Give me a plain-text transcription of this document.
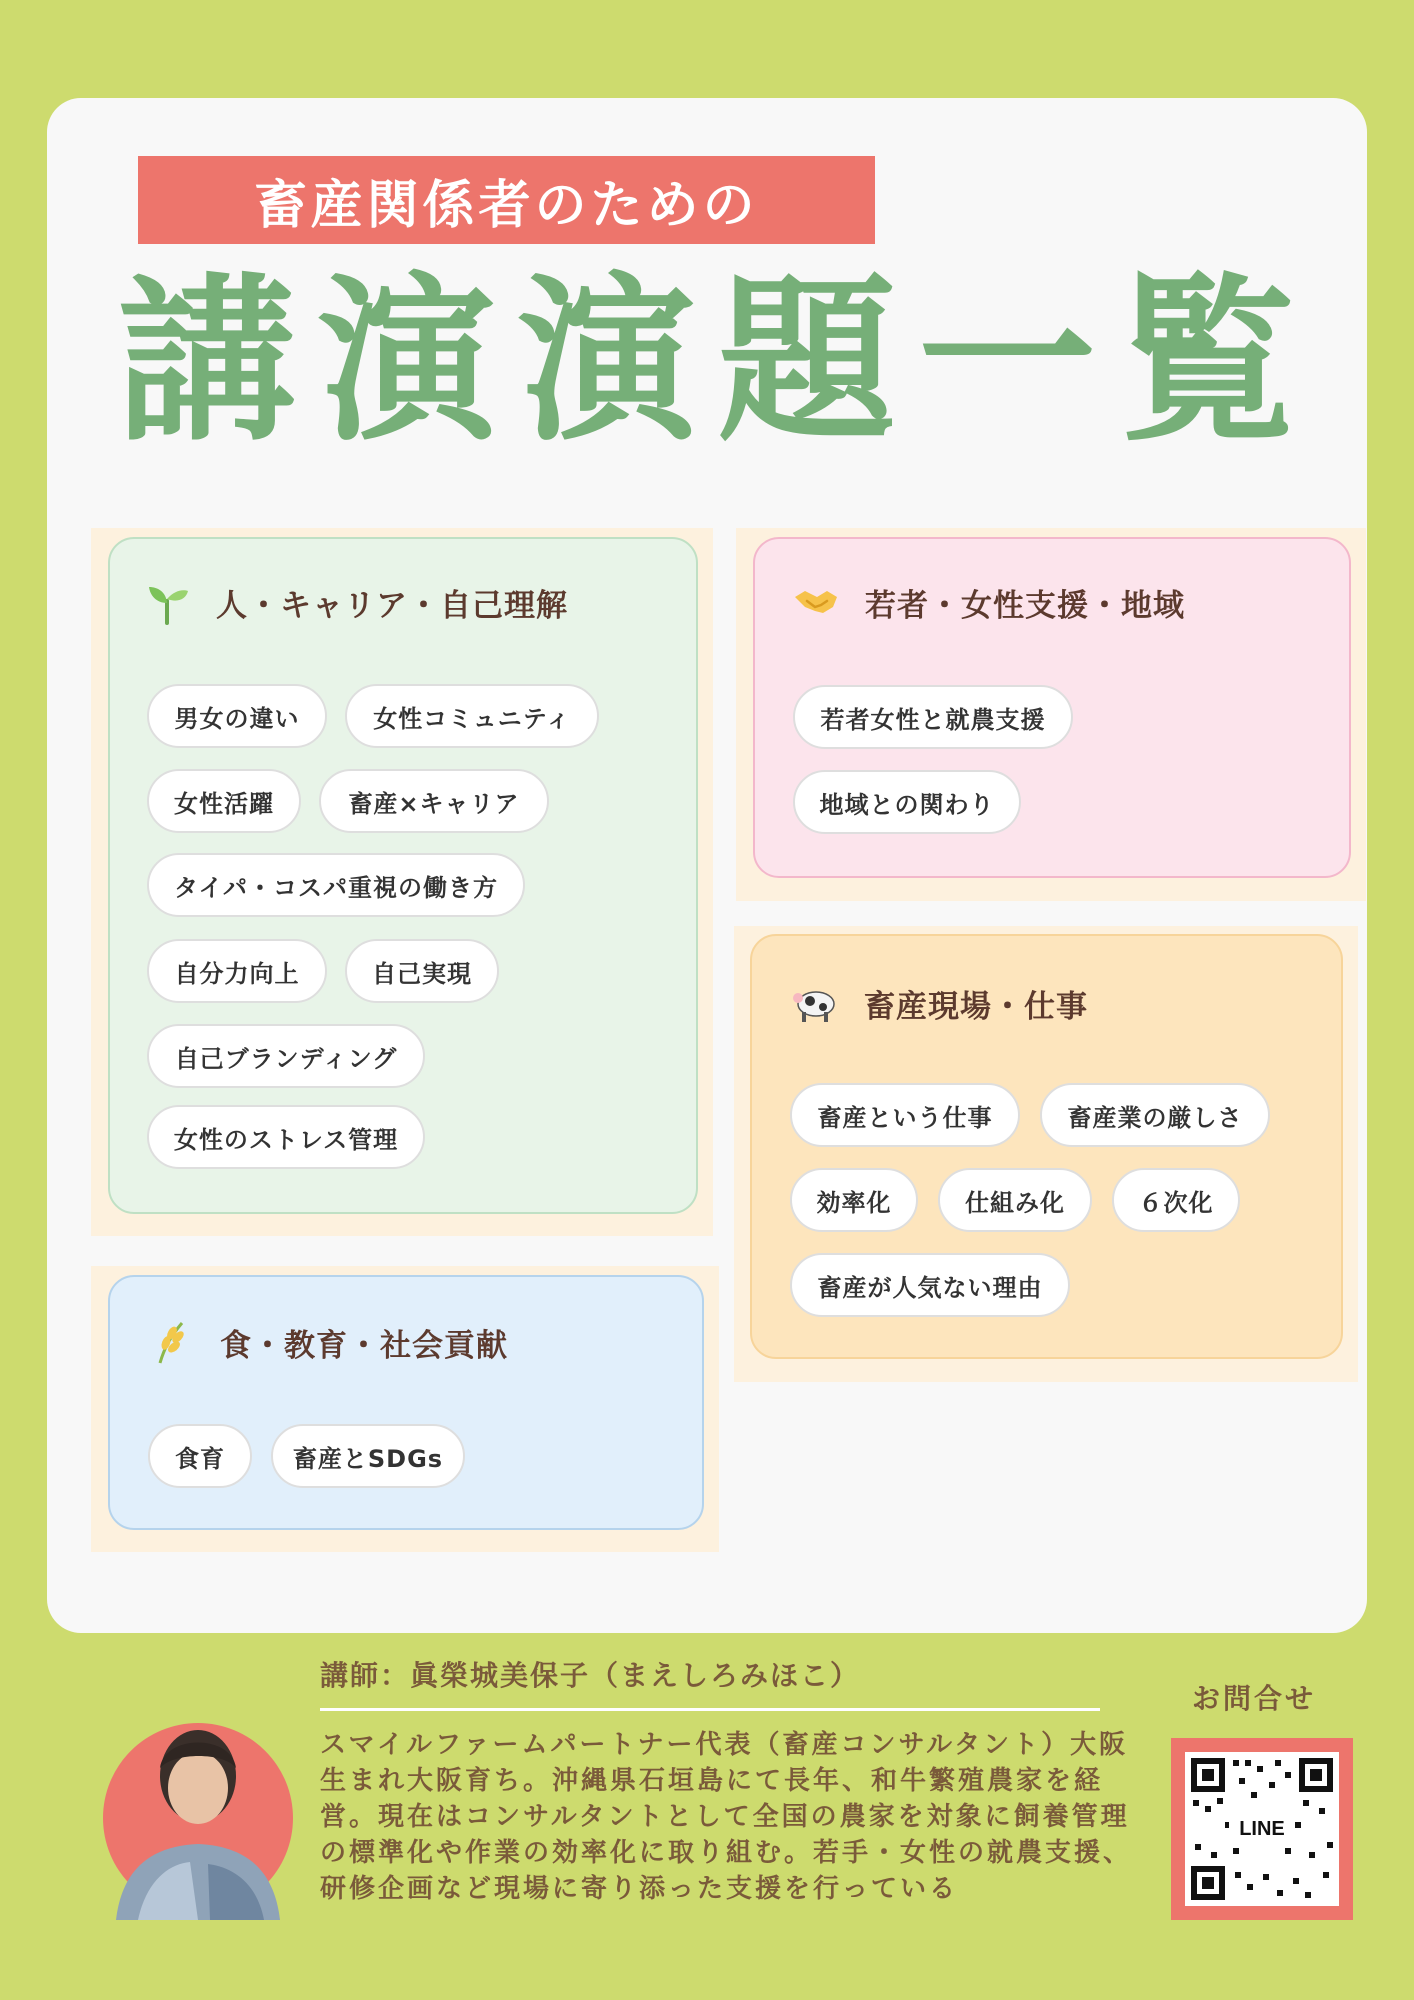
畜産関係者のための
講演演題一覧
人・キャリア・自己理解
男女の違い	女性コミュニティ
女性活躍	畜産×キャリア
タイパ・コスパ重視の働き方
自分力向上	自己実現
自己ブランディング
女性のストレス管理
若者・女性支援・地域
若者女性と就農支援
地域との関わり
畜産現場・仕事
畜産という仕事	畜産業の厳しさ
効率化	仕組み化	６次化
畜産が人気ない理由
食・教育・社会貢献
食育	畜産とSDGs
講師：眞榮城美保子（まえしろみほこ）
スマイルファームパートナー代表（畜産コンサルタント）大阪生まれ大阪育ち。沖縄県石垣島にて長年、和牛繁殖農家を経営。現在はコンサルタントとして全国の農家を対象に飼養管理の標準化や作業の効率化に取り組む。若手・女性の就農支援、研修企画など現場に寄り添った支援を行っている
お問合せ
LINE
